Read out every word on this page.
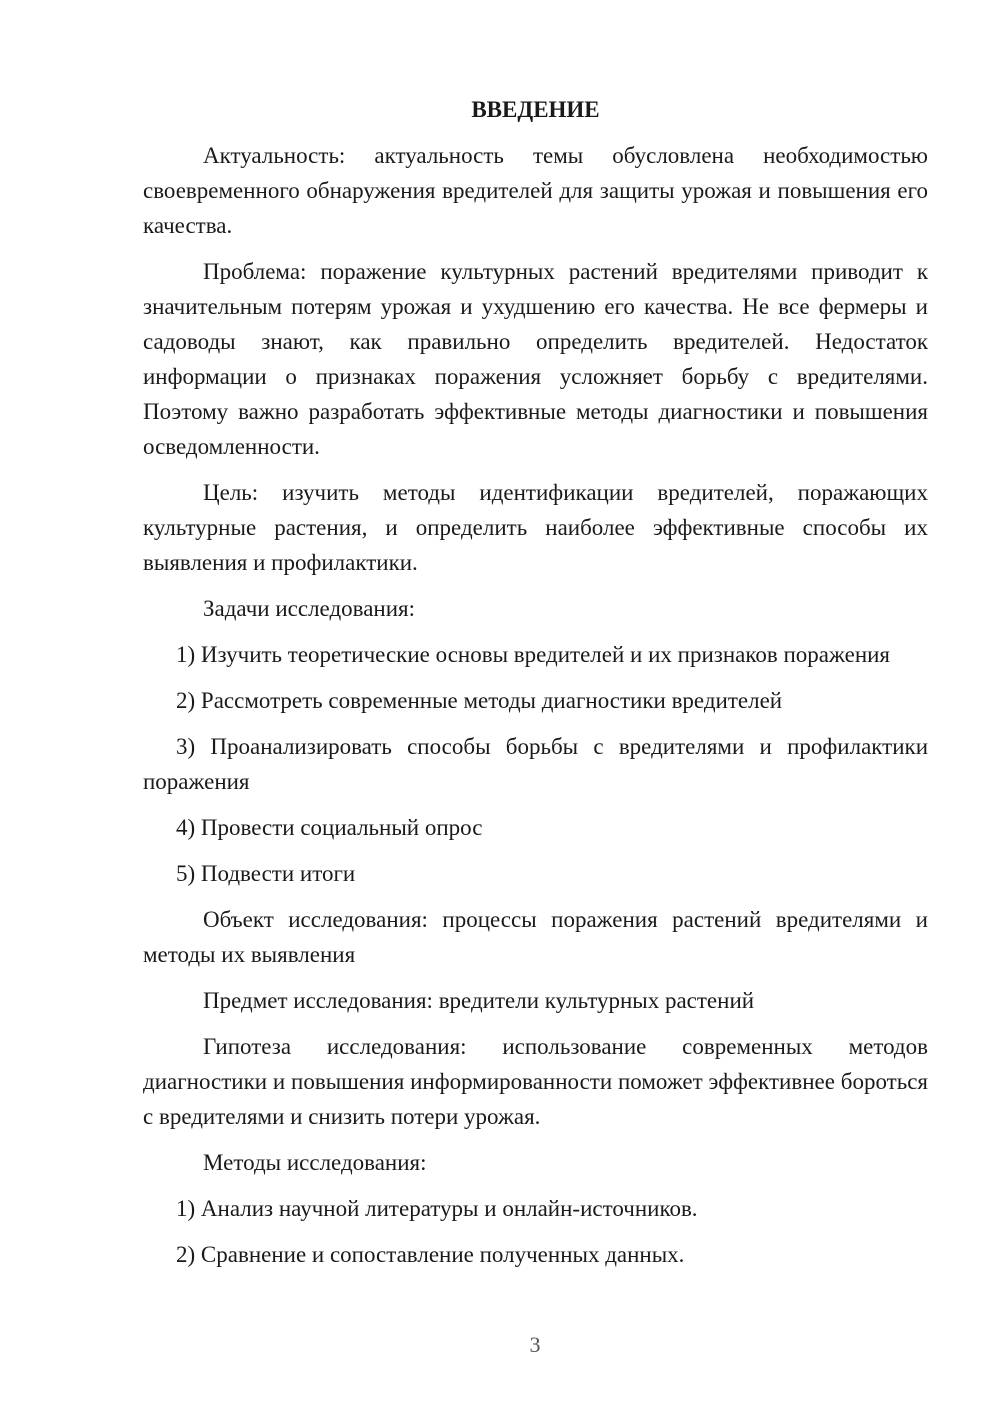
ВВЕДЕНИЕ

Актуальность: актуальность темы обусловлена необходимостью своевременного обнаружения вредителей для защиты урожая и повышения его качества.

Проблема: поражение культурных растений вредителями приводит к значительным потерям урожая и ухудшению его качества. Не все фермеры и садоводы знают, как правильно определить вредителей. Недостаток информации о признаках поражения усложняет борьбу с вредителями. Поэтому важно разработать эффективные методы диагностики и повышения осведомленности.

Цель: изучить методы идентификации вредителей, поражающих культурные растения, и определить наиболее эффективные способы их выявления и профилактики.

Задачи исследования:

1) Изучить теоретические основы вредителей и их признаков поражения

2) Рассмотреть современные методы диагностики вредителей

3) Проанализировать способы борьбы с вредителями и профилактики поражения

4) Провести социальный опрос

5) Подвести итоги

Объект исследования: процессы поражения растений вредителями и методы их выявления

Предмет исследования: вредители культурных растений

Гипотеза исследования: использование современных методов диагностики и повышения информированности поможет эффективнее бороться с вредителями и снизить потери урожая.

Методы исследования:

1) Анализ научной литературы и онлайн-источников.

2) Сравнение и сопоставление полученных данных.

3
